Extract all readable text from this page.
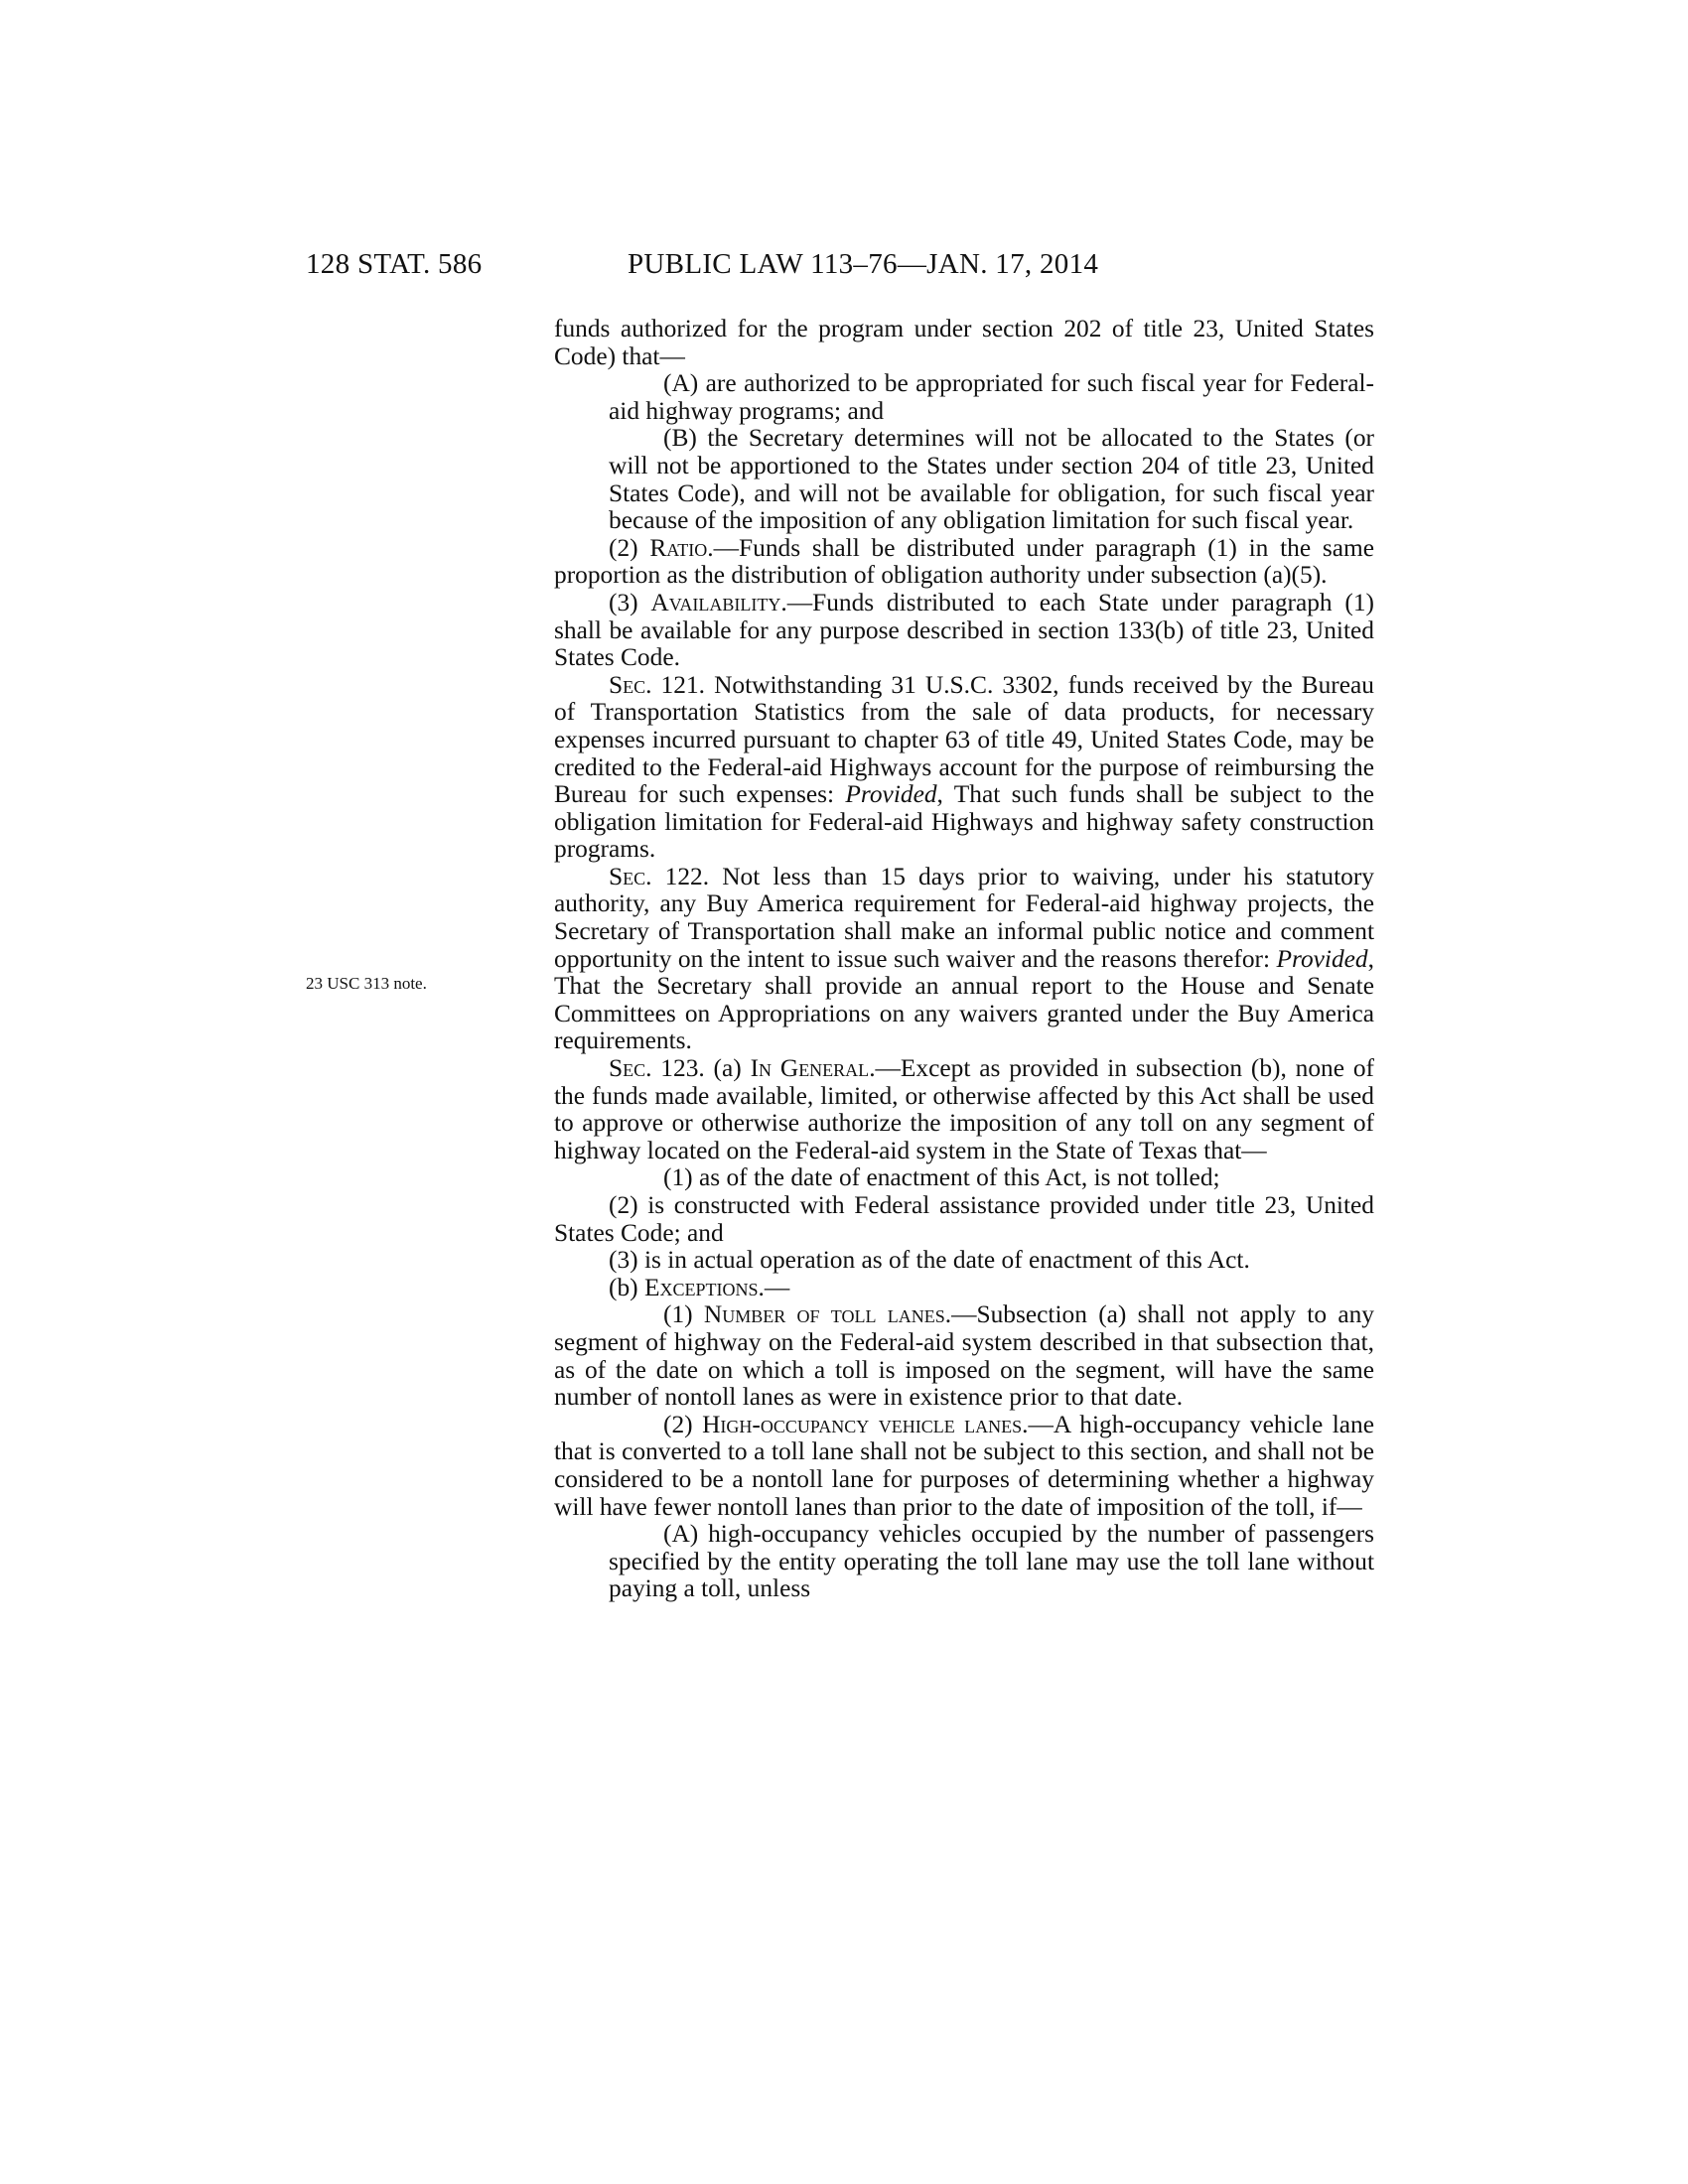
128 STAT. 586	PUBLIC LAW 113–76—JAN. 17, 2014
23 USC 313 note.

funds authorized for the program under section 202 of title 23, United States Code) that—

(A) are authorized to be appropriated for such fiscal year for Federal-aid highway programs; and

(B) the Secretary determines will not be allocated to the States (or will not be apportioned to the States under section 204 of title 23, United States Code), and will not be available for obligation, for such fiscal year because of the imposition of any obligation limitation for such fiscal year.

(2) Ratio.—Funds shall be distributed under paragraph (1) in the same proportion as the distribution of obligation authority under subsection (a)(5).

(3) Availability.—Funds distributed to each State under paragraph (1) shall be available for any purpose described in section 133(b) of title 23, United States Code.

Sec. 121. Notwithstanding 31 U.S.C. 3302, funds received by the Bureau of Transportation Statistics from the sale of data products, for necessary expenses incurred pursuant to chapter 63 of title 49, United States Code, may be credited to the Federal-aid Highways account for the purpose of reimbursing the Bureau for such expenses: Provided, That such funds shall be subject to the obligation limitation for Federal-aid Highways and highway safety construction programs.

Sec. 122. Not less than 15 days prior to waiving, under his statutory authority, any Buy America requirement for Federal-aid highway projects, the Secretary of Transportation shall make an informal public notice and comment opportunity on the intent to issue such waiver and the reasons therefor: Provided, That the Secretary shall provide an annual report to the House and Senate Committees on Appropriations on any waivers granted under the Buy America requirements.

Sec. 123. (a) In General.—Except as provided in subsection (b), none of the funds made available, limited, or otherwise affected by this Act shall be used to approve or otherwise authorize the imposition of any toll on any segment of highway located on the Federal-aid system in the State of Texas that—

(1) as of the date of enactment of this Act, is not tolled;

(2) is constructed with Federal assistance provided under title 23, United States Code; and

(3) is in actual operation as of the date of enactment of this Act.

(b) Exceptions.—

(1) Number of toll lanes.—Subsection (a) shall not apply to any segment of highway on the Federal-aid system described in that subsection that, as of the date on which a toll is imposed on the segment, will have the same number of nontoll lanes as were in existence prior to that date.

(2) High-occupancy vehicle lanes.—A high-occupancy vehicle lane that is converted to a toll lane shall not be subject to this section, and shall not be considered to be a nontoll lane for purposes of determining whether a highway will have fewer nontoll lanes than prior to the date of imposition of the toll, if—

(A) high-occupancy vehicles occupied by the number of passengers specified by the entity operating the toll lane may use the toll lane without paying a toll, unless
